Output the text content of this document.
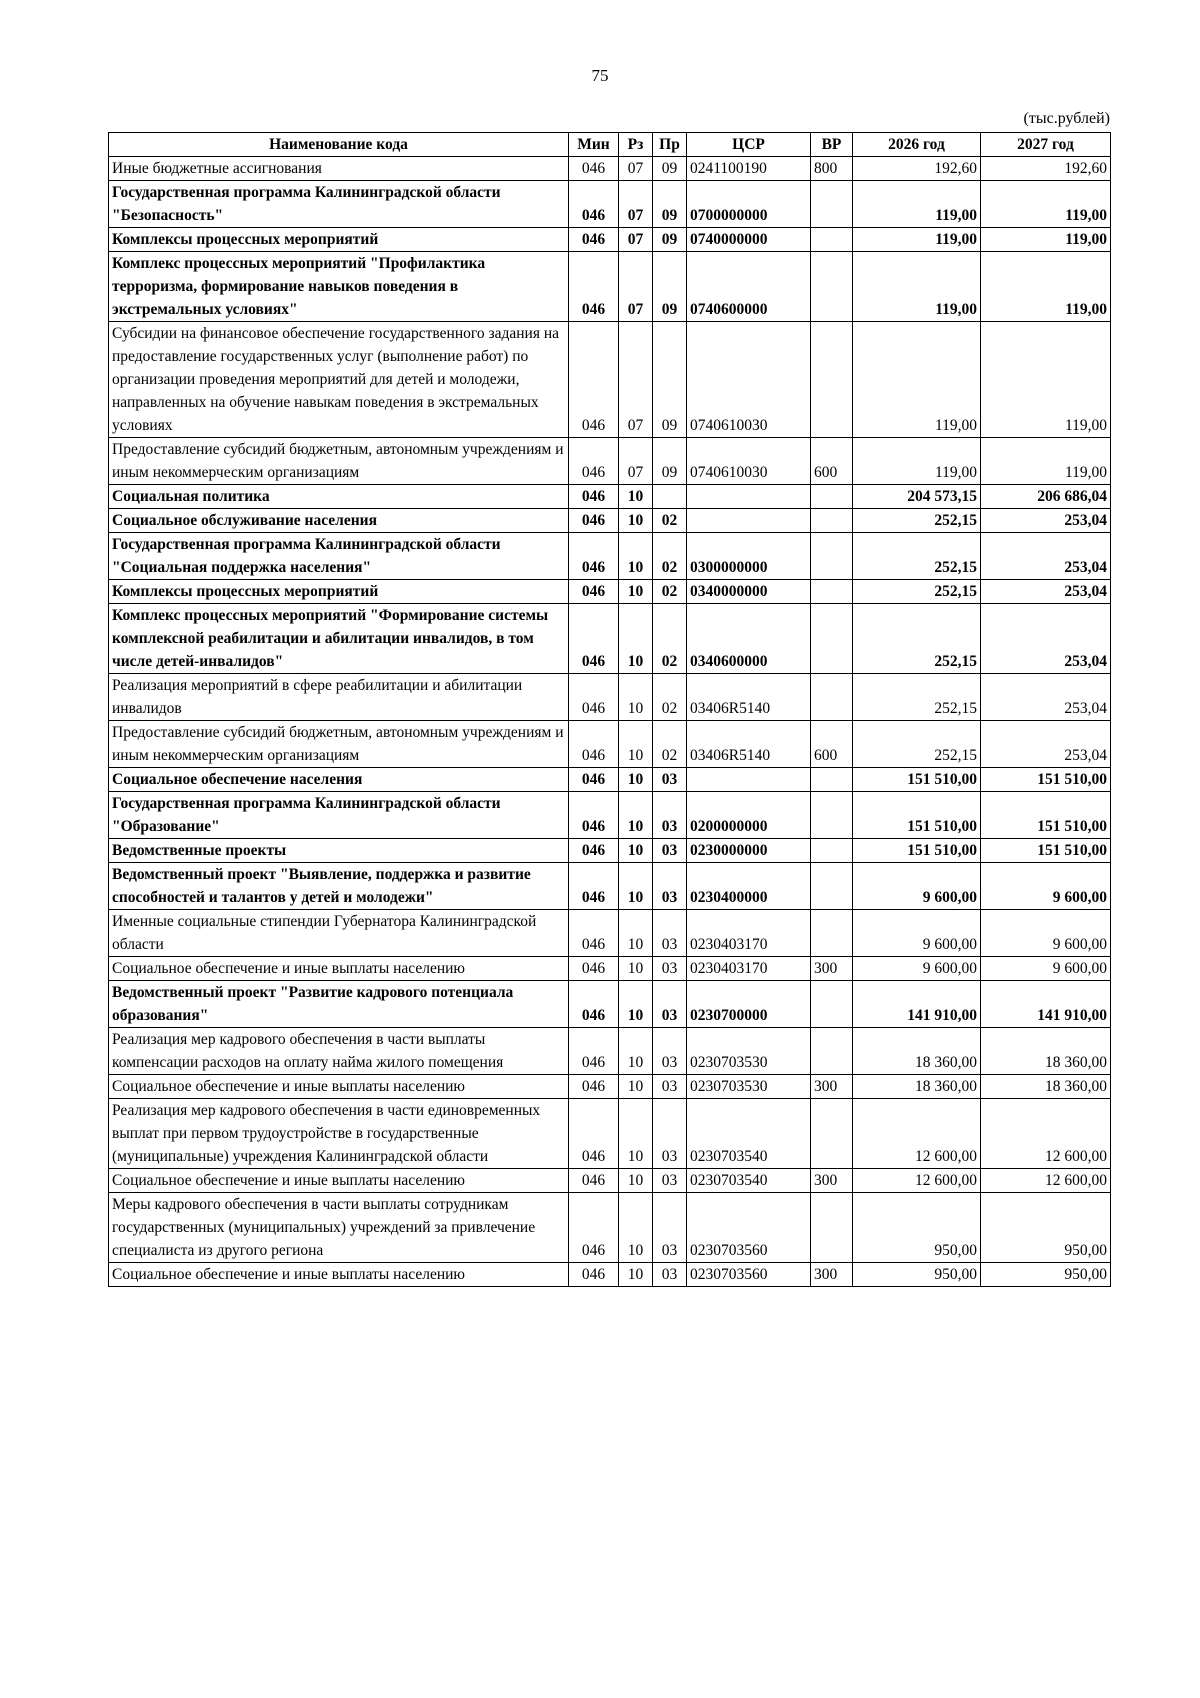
75
(тыс.рублей)
Наименование кода	Мин	Рз	Пр	ЦСР	ВР	2026 год	2027 год
Иные бюджетные ассигнования	046	07	09	0241100190	800	192,60	192,60
Государственная программа Калининградской области "Безопасность"	046	07	09	0700000000		119,00	119,00
Комплексы процессных мероприятий	046	07	09	0740000000		119,00	119,00
Комплекс процессных мероприятий "Профилактика терроризма, формирование навыков поведения в экстремальных условиях"	046	07	09	0740600000		119,00	119,00
Субсидии на финансовое обеспечение государственного задания на предоставление государственных услуг (выполнение работ) по организации проведения мероприятий для детей и молодежи, направленных на обучение навыкам поведения в экстремальных условиях	046	07	09	0740610030		119,00	119,00
Предоставление субсидий бюджетным, автономным учреждениям и иным некоммерческим организациям	046	07	09	0740610030	600	119,00	119,00
Социальная политика	046	10				204 573,15	206 686,04
Социальное обслуживание населения	046	10	02			252,15	253,04
Государственная программа Калининградской области "Социальная поддержка населения"	046	10	02	0300000000		252,15	253,04
Комплексы процессных мероприятий	046	10	02	0340000000		252,15	253,04
Комплекс процессных мероприятий "Формирование системы комплексной реабилитации и абилитации инвалидов, в том числе детей-инвалидов"	046	10	02	0340600000		252,15	253,04
Реализация мероприятий в сфере реабилитации и абилитации инвалидов	046	10	02	03406R5140		252,15	253,04
Предоставление субсидий бюджетным, автономным учреждениям и иным некоммерческим организациям	046	10	02	03406R5140	600	252,15	253,04
Социальное обеспечение населения	046	10	03			151 510,00	151 510,00
Государственная программа Калининградской области "Образование"	046	10	03	0200000000		151 510,00	151 510,00
Ведомственные проекты	046	10	03	0230000000		151 510,00	151 510,00
Ведомственный проект "Выявление, поддержка и развитие способностей и талантов у детей и молодежи"	046	10	03	0230400000		9 600,00	9 600,00
Именные социальные стипендии Губернатора Калининградской области	046	10	03	0230403170		9 600,00	9 600,00
Социальное обеспечение и иные выплаты населению	046	10	03	0230403170	300	9 600,00	9 600,00
Ведомственный проект "Развитие кадрового потенциала образования"	046	10	03	0230700000		141 910,00	141 910,00
Реализация мер кадрового обеспечения в части выплаты компенсации расходов на оплату найма жилого помещения	046	10	03	0230703530		18 360,00	18 360,00
Социальное обеспечение и иные выплаты населению	046	10	03	0230703530	300	18 360,00	18 360,00
Реализация мер кадрового обеспечения в части единовременных выплат при первом трудоустройстве в государственные (муниципальные) учреждения Калининградской области	046	10	03	0230703540		12 600,00	12 600,00
Социальное обеспечение и иные выплаты населению	046	10	03	0230703540	300	12 600,00	12 600,00
Меры кадрового обеспечения в части выплаты сотрудникам государственных (муниципальных) учреждений за привлечение специалиста из другого региона	046	10	03	0230703560		950,00	950,00
Социальное обеспечение и иные выплаты населению	046	10	03	0230703560	300	950,00	950,00
